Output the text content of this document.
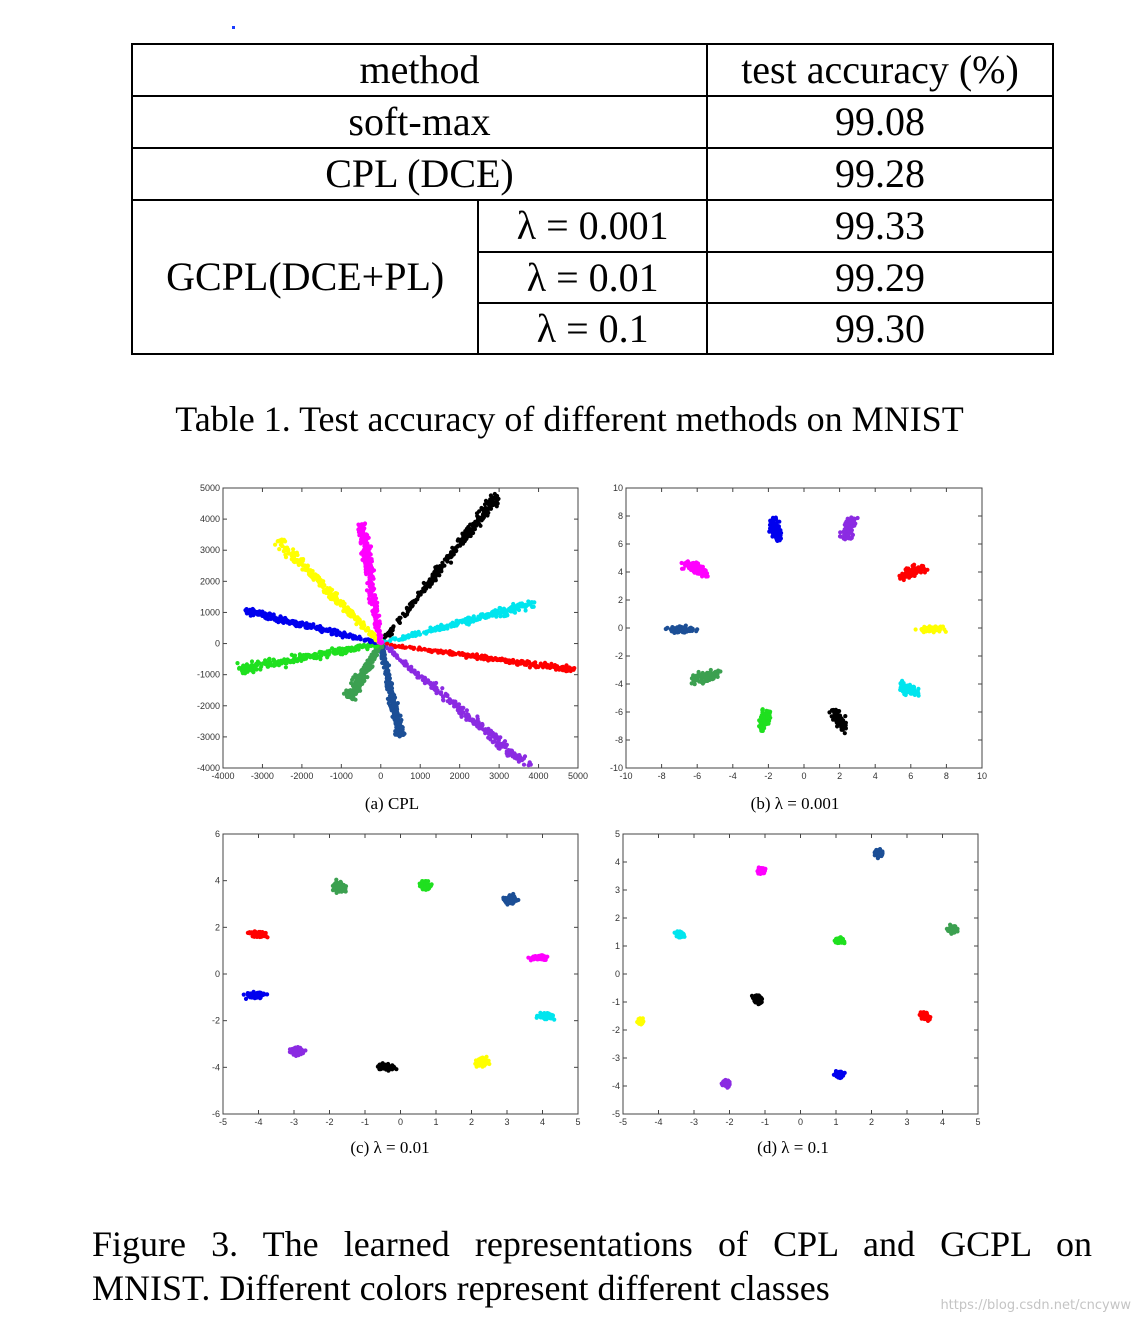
method		test accuracy (%)
soft-max		99.08
CPL (DCE)		99.28
GCPL(DCE+PL)	λ = 0.001	99.33
	λ = 0.01	99.29
	λ = 0.1	99.30
Table 1. Test accuracy of different methods on MNIST
-4000 -3000 -2000 -1000	0	1000 2000 3000 4000 5000
-4000
-3000
-2000
-1000
0
1000
2000
3000
4000
5000
(a) CPL
-10	-8	-6	-4	-2	0	2	4	6	8	10
-10
-8
-6
-4
-2
0
2
4
6
8
10
(b) λ = 0.001
-5	-4	-3	-2	-1	0	1	2	3	4	5
-6
-4
-2
0
2
4
6
(c) λ = 0.01
-5	-4	-3	-2	-1	0	1	2	3	4	5
-5
-4
-3
-2
-1
0
1
2
3
4
5
(d) λ = 0.1
Figure 3. The learned representations of CPL and GCPL on
MNIST. Different colors represent different classes	https://blog.csdn.net/cncyww
